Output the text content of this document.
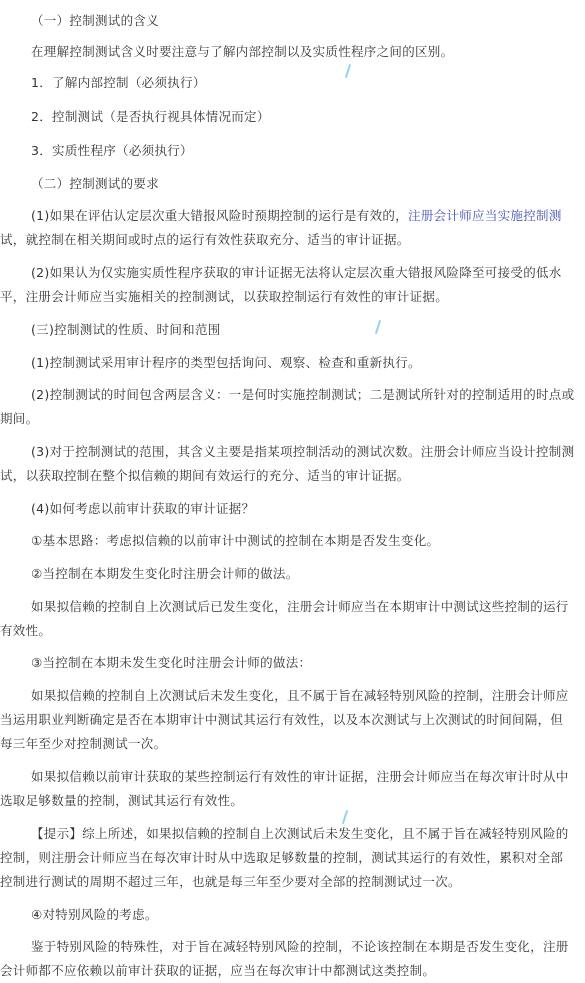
（一）控制测试的含义

在理解控制测试含义时要注意与了解内部控制以及实质性程序之间的区别。

1．了解内部控制（必须执行）

2．控制测试（是否执行视具体情况而定）

3．实质性程序（必须执行）

（二）控制测试的要求

(1)如果在评估认定层次重大错报风险时预期控制的运行是有效的，注册会计师应当实施控制测

试，就控制在相关期间或时点的运行有效性获取充分、适当的审计证据。

(2)如果认为仅实施实质性程序获取的审计证据无法将认定层次重大错报风险降至可接受的低水

平，注册会计师应当实施相关的控制测试，以获取控制运行有效性的审计证据。

(三)控制测试的性质、时间和范围

(1)控制测试采用审计程序的类型包括询问、观察、检查和重新执行。

(2)控制测试的时间包含两层含义：一是何时实施控制测试；二是测试所针对的控制适用的时点或

期间。

(3)对于控制测试的范围，其含义主要是指某项控制活动的测试次数。注册会计师应当设计控制测

试，以获取控制在整个拟信赖的期间有效运行的充分、适当的审计证据。

(4)如何考虑以前审计获取的审计证据？

①基本思路：考虑拟信赖的以前审计中测试的控制在本期是否发生变化。

②当控制在本期发生变化时注册会计师的做法。

如果拟信赖的控制自上次测试后已发生变化，注册会计师应当在本期审计中测试这些控制的运行

有效性。

③当控制在本期未发生变化时注册会计师的做法：

如果拟信赖的控制自上次测试后未发生变化，且不属于旨在减轻特别风险的控制，注册会计师应

当运用职业判断确定是否在本期审计中测试其运行有效性，以及本次测试与上次测试的时间间隔，但

每三年至少对控制测试一次。

如果拟信赖以前审计获取的某些控制运行有效性的审计证据，注册会计师应当在每次审计时从中

选取足够数量的控制，测试其运行有效性。

【提示】综上所述，如果拟信赖的控制自上次测试后未发生变化，且不属于旨在减轻特别风险的

控制，则注册会计师应当在每次审计时从中选取足够数量的控制，测试其运行的有效性，累积对全部

控制进行测试的周期不超过三年，也就是每三年至少要对全部的控制测试过一次。

④对特别风险的考虑。

鉴于特别风险的特殊性，对于旨在减轻特别风险的控制，不论该控制在本期是否发生变化，注册

会计师都不应依赖以前审计获取的证据，应当在每次审计中都测试这类控制。
